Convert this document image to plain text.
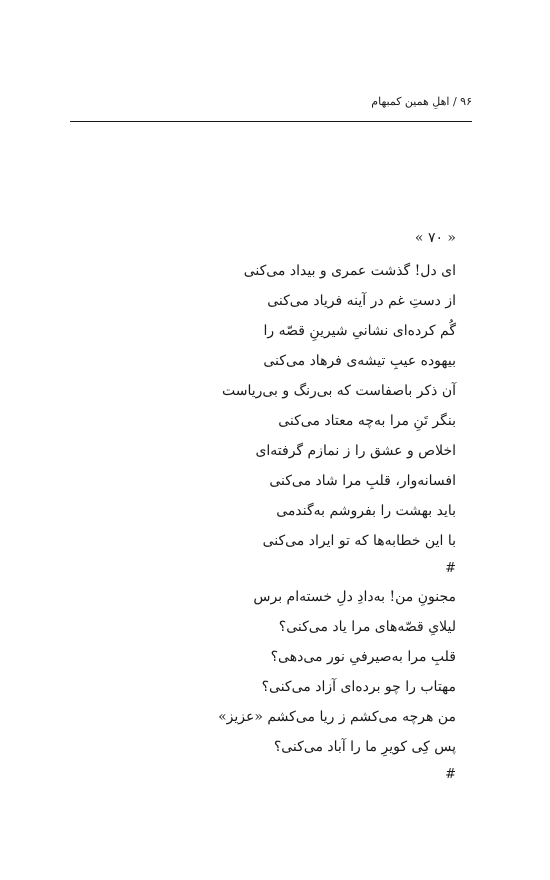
۹۶ / اهلِ همین کمبهام
« ۷۰ »
ای دل! گذشت عمری و بیداد می‌کنی
از دستِ غم در آینه فریاد می‌کنی
گُم کرده‌ای نشانیِ شیرینِ قصّه را
بیهوده عیبِ تیشه‌ی فرهاد می‌کنی
آن ذکر باصفاست که بی‌رنگ و بی‌ریاست
بنگر تَنِ مرا به‌چه معتاد می‌کنی
اخلاص و عشق را ز نمازم گرفته‌ای
افسانه‌وار، قلبِ مرا شاد می‌کنی
باید بهشت را بفروشم به‌گندمی
با این خطابه‌ها که تو ایراد می‌کنی
#
مجنونِ من! به‌دادِ دلِ خسته‌ام برس
لیلایِ قصّه‌های مرا یاد می‌کنی؟
قلبِ مرا به‌صیرفیِ نور می‌دهی؟
مهتاب را چو برده‌ای آزاد می‌کنی؟
من هرچه می‌کشم ز ریا می‌کشم «عزیز»
پس کِی کویرِ ما را آباد می‌کنی؟
#
